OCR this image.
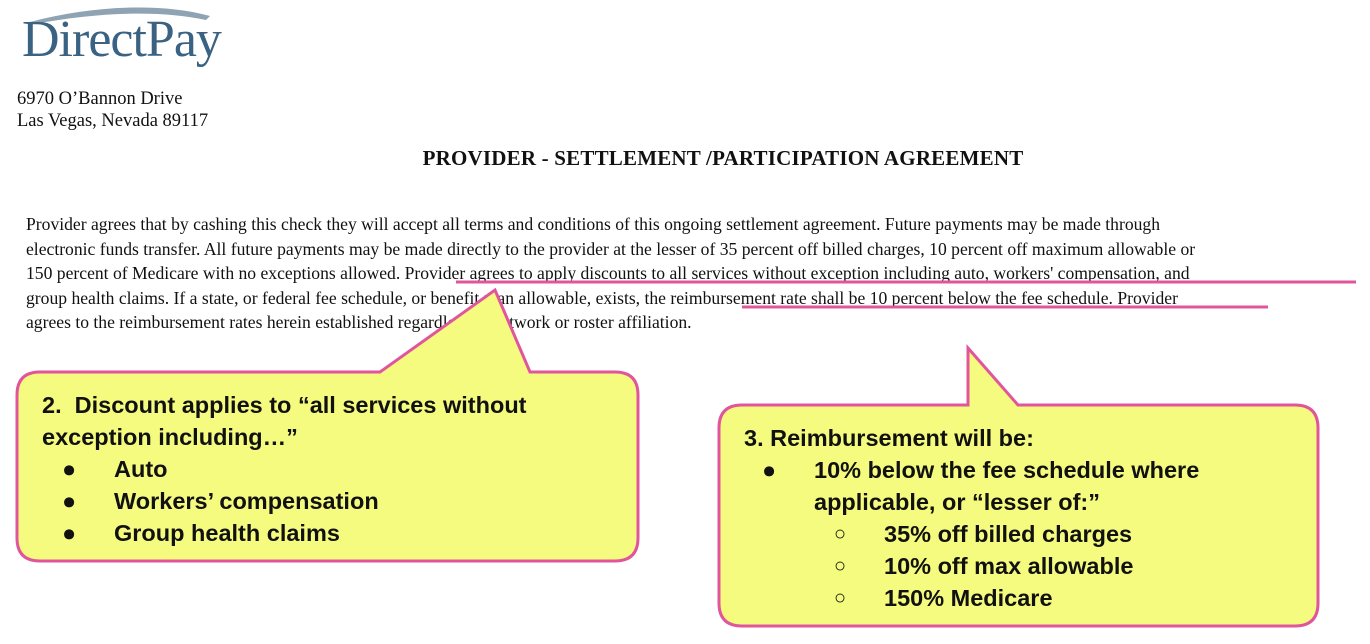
DirectPay
6970 O’Bannon Drive
Las Vegas, Nevada 89117
PROVIDER - SETTLEMENT /PARTICIPATION AGREEMENT
Provider agrees that by cashing this check they will accept all terms and conditions of this ongoing settlement agreement. Future payments may be made through
electronic funds transfer. All future payments may be made directly to the provider at the lesser of 35 percent off billed charges, 10 percent off maximum allowable or
150 percent of Medicare with no exceptions allowed. Provider agrees to apply discounts to all services without exception including auto, workers' compensation, and
group health claims. If a state, or federal fee schedule, or benefit plan allowable, exists, the reimbursement rate shall be 10 percent below the fee schedule. Provider
agrees to the reimbursement rates herein established regardless of network or roster affiliation.
2. Discount applies to “all services without
exception including…”
● Auto
● Workers’ compensation
● Group health claims
3. Reimbursement will be:
● 10% below the fee schedule where
applicable, or “lesser of:”
○ 35% off billed charges
○ 10% off max allowable
○ 150% Medicare
